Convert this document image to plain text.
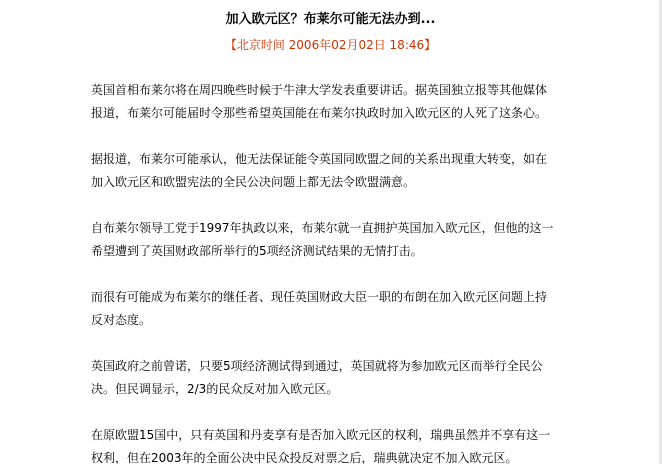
加入欧元区？布莱尔可能无法办到...
【北京时间 2006年02月02日 18:46】

英国首相布莱尔将在周四晚些时候于牛津大学发表重要讲话。据英国独立报等其他媒体
报道，布莱尔可能届时令那些希望英国能在布莱尔执政时加入欧元区的人死了这条心。

据报道，布莱尔可能承认，他无法保证能令英国同欧盟之间的关系出现重大转变，如在
加入欧元区和欧盟宪法的全民公决问题上都无法令欧盟满意。

自布莱尔领导工党于1997年执政以来，布莱尔就一直拥护英国加入欧元区，但他的这一
希望遭到了英国财政部所举行的5项经济测试结果的无情打击。

而很有可能成为布莱尔的继任者、现任英国财政大臣一职的布朗在加入欧元区问题上持
反对态度。

英国政府之前曾诺，只要5项经济测试得到通过，英国就将为参加欧元区而举行全民公
决。但民调显示，2/3的民众反对加入欧元区。

在原欧盟15国中，只有英国和丹麦享有是否加入欧元区的权利，瑞典虽然并不享有这一
权利，但在2003年的全面公决中民众投反对票之后，瑞典就决定不加入欧元区。
